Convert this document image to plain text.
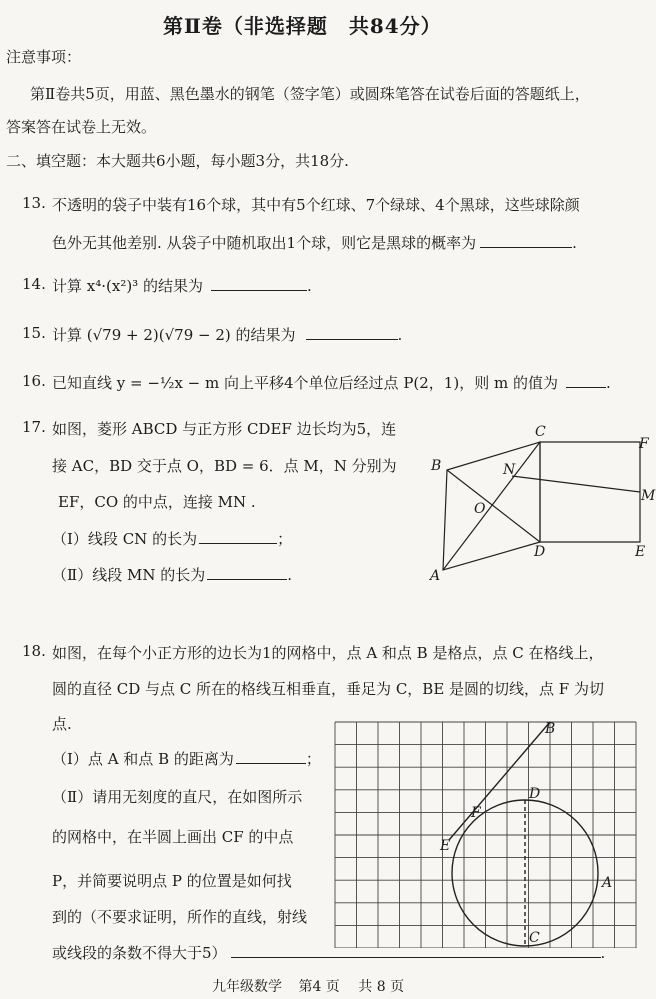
第Ⅱ卷（非选择题　共84分）
注意事项：
第Ⅱ卷共5页，用蓝、黑色墨水的钢笔（签字笔）或圆珠笔答在试卷后面的答题纸上，
答案答在试卷上无效。
二、填空题：本大题共6小题，每小题3分，共18分.
13. 不透明的袋子中装有16个球，其中有5个红球、7个绿球、4个黑球，这些球除颜
色外无其他差别. 从袋子中随机取出1个球，则它是黑球的概率为	.
14. 计算 x⁴·(x²)³ 的结果为	.
15. 计算 (√79 + 2)(√79 − 2) 的结果为	.
16. 已知直线 y = −½x − m 向上平移4个单位后经过点 P(2，1)，则 m 的值为	.
17. 如图，菱形 ABCD 与正方形 CDEF 边长均为5，连
接 AC，BD 交于点 O，BD = 6．点 M，N 分别为
EF，CO 的中点，连接 MN .
（Ⅰ）线段 CN 的长为	；
（Ⅱ）线段 MN 的长为	.	A
B
C
D	E
F
M
N
O
18. 如图，在每个小正方形的边长为1的网格中，点 A 和点 B 是格点，点 C 在格线上，
圆的直径 CD 与点 C 所在的格线互相垂直，垂足为 C，BE 是圆的切线，点 F 为切
点.
（Ⅰ）点 A 和点 B 的距离为	；
（Ⅱ）请用无刻度的直尺，在如图所示
的网格中，在半圆上画出 CF 的中点
P，并简要说明点 P 的位置是如何找
到的（不要求证明，所作的直线，射线
或线段的条数不得大于5）	.
A
B
C
D
E
F
九年级数学 第4 页 共 8 页
